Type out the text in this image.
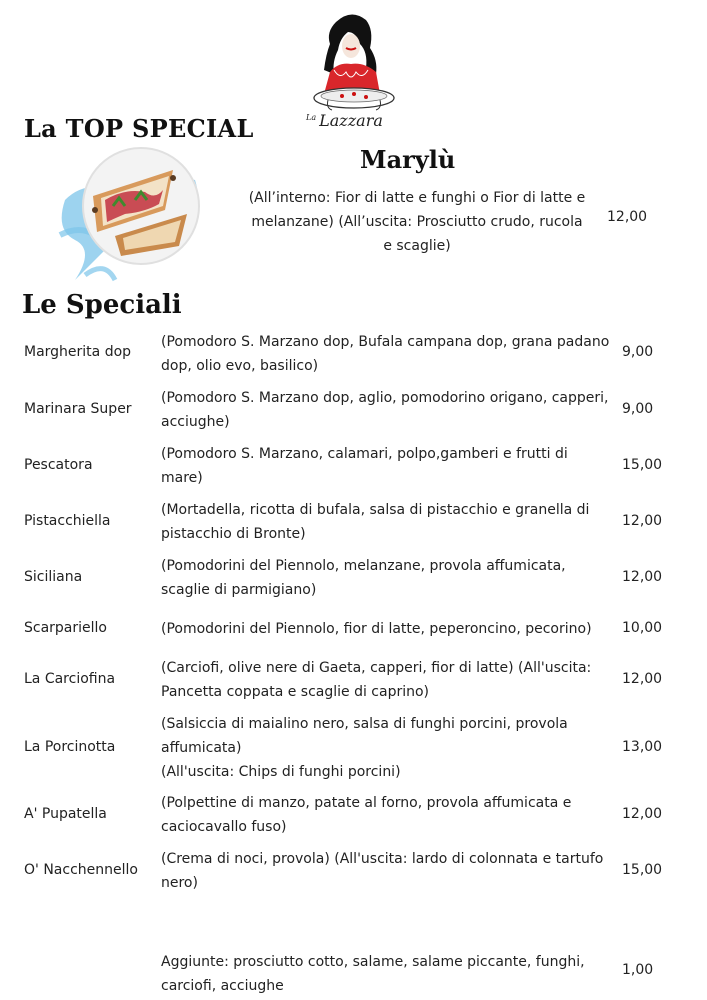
Lazzara
La
La TOP SPECIAL
Marylù
(All’interno: Fior di latte e funghi o Fior di latte e melanzane) (All’uscita: Prosciutto crudo, rucola e scaglie)
12,00
Le Speciali
Margherita dop
(Pomodoro S. Marzano dop, Bufala campana dop, grana padano dop, olio evo, basilico)
9,00
Marinara Super
(Pomodoro S. Marzano dop, aglio, pomodorino origano, capperi, acciughe)
9,00
Pescatora
(Pomodoro S. Marzano, calamari, polpo,gamberi e frutti di mare)
15,00
Pistacchiella
(Mortadella, ricotta di bufala, salsa di pistacchio e granella di pistacchio di Bronte)
12,00
Siciliana
(Pomodorini del Piennolo, melanzane, provola affumicata, scaglie di parmigiano)
12,00
Scarpariello	(Pomodorini del Piennolo, fior di latte, peperoncino, pecorino)	10,00
La Carciofina
(Carciofi, olive nere di Gaeta, capperi, fior di latte) (All'uscita: Pancetta coppata e scaglie di caprino)
12,00
La Porcinotta
(Salsiccia di maialino nero, salsa di funghi porcini, provola affumicata)
(All'uscita: Chips di funghi porcini)
13,00
A' Pupatella
(Polpettine di manzo, patate al forno, provola affumicata e caciocavallo fuso)
12,00
O' Nacchennello
(Crema di noci, provola) (All'uscita: lardo di colonnata e tartufo nero)
15,00
Aggiunte: prosciutto cotto, salame, salame piccante, funghi, carciofi, acciughe
1,00
